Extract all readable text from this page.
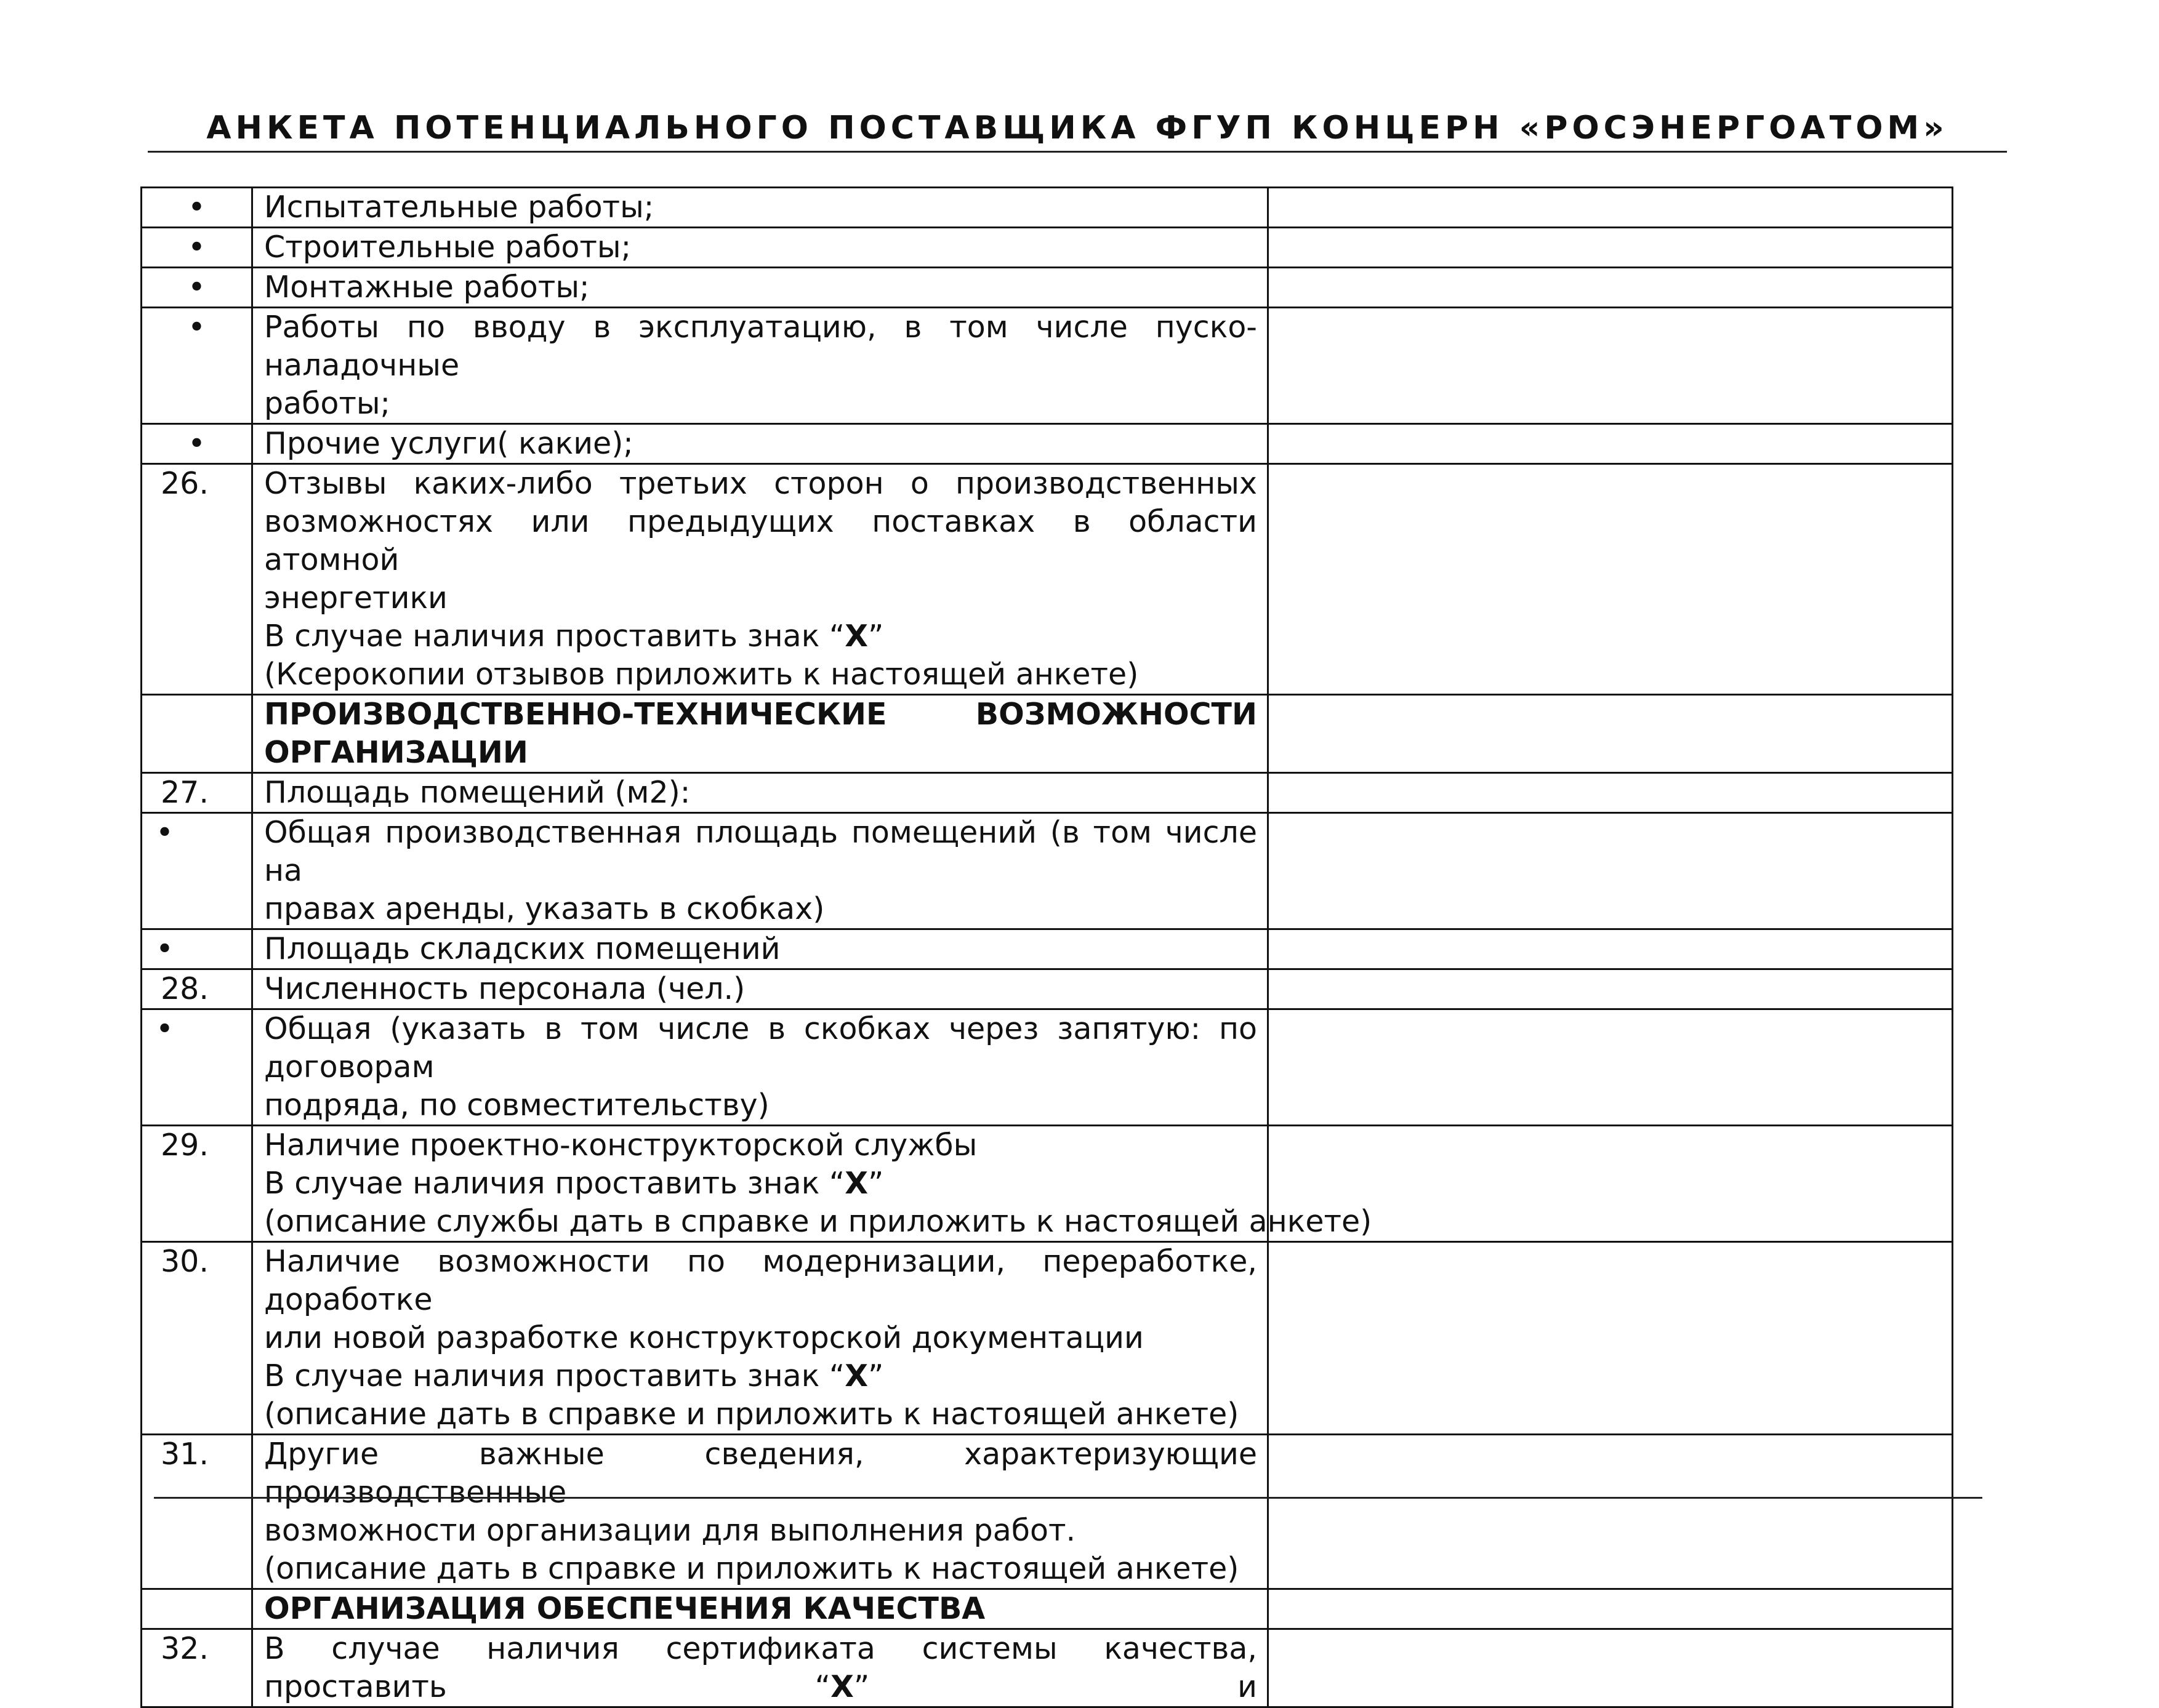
АНКЕТА ПОТЕНЦИАЛЬНОГО ПОСТАВЩИКА ФГУП КОНЦЕРН «РОСЭНЕРГОАТОМ»
•	Испытательные работы;	

•	Строительные работы;	

•	Монтажные работы;	

•	Работы по вводу в эксплуатацию, в том числе пуско-наладочные
работы;	

•	Прочие услуги( какие);	

26.	Отзывы каких-либо третьих сторон о производственных
возможностях или предыдущих поставках в области атомной
энергетики
В случае наличия проставить знак “X”
(Ксерокопии отзывов приложить к настоящей анкете)	

	ПРОИЗВОДСТВЕННО-ТЕХНИЧЕСКИЕ ВОЗМОЖНОСТИ
ОРГАНИЗАЦИИ	

27.	Площадь помещений (м2):	

•	Общая производственная площадь помещений (в том числе на
правах аренды, указать в скобках)	

•	Площадь складских помещений	

28.	Численность персонала (чел.)	

•	Общая (указать в том числе в скобках через запятую: по договорам
подряда, по совместительству)	

29.	Наличие проектно-конструкторской службы
В случае наличия проставить знак “X”
(описание службы дать в справке и приложить к настоящей анкете)	

30.	Наличие возможности по модернизации, переработке, доработке
или новой разработке конструкторской документации
В случае наличия проставить знак “X”
(описание дать в справке и приложить к настоящей анкете)	

31.	Другие важные сведения, характеризующие производственные
возможности организации для выполнения работ.
(описание дать в справке и приложить к настоящей анкете)	

	ОРГАНИЗАЦИЯ ОБЕСПЕЧЕНИЯ КАЧЕСТВА	

32.	В случае наличия сертификата системы качества, проставить “X” и	
